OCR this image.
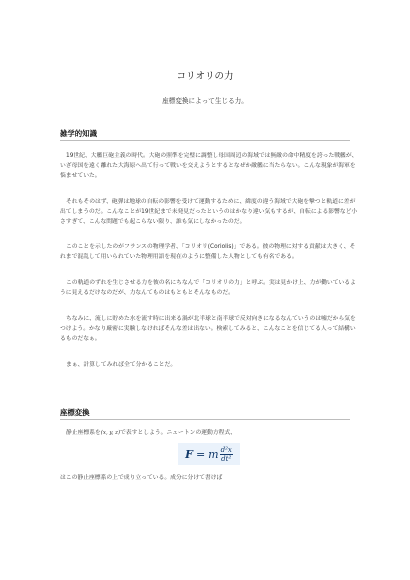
コリオリの力
座標変換によって生じる力。
雑学的知識
19世紀、大艦巨砲主義の時代。大砲の照準を完璧に調整し母国周辺の海域では無敵の命中精度を誇った戦艦が、いざ母国を遠く離れた大海原へ出て行って戦いを交えようとするとなぜか敵艦に当たらない。こんな現象が海軍を悩ませていた。
それもそのはず、砲弾は地球の自転の影響を受けて運動するために、緯度の違う海域で大砲を撃つと軌道に差が出てしまうのだ。こんなことが19世紀まで未発見だったというのはかなり違い気もするが、自転による影響など小さすぎて、こんな問題でも起こらない限り、誰も気にしなかったのだ。
このことを示したのがフランスの物理学者、「コリオリ(Coriolis)」である。彼の物理に対する貢献は大きく、それまで混乱して用いられていた物理用語を現在のように整備した人物としても有名である。
この軌道のずれを生じさせる力を彼の名にちなんで「コリオリの力」と呼ぶ。実は見かけ上、力が働いているように見えるだけなのだが、力なんてものはもともとそんなものだ。
ちなみに、流しに貯めた水を流す時に出来る渦が北半球と南半球で反対向きになるなんていうのは嘘だから気をつけよう。かなり厳密に実験しなければそんな差は出ない。検索してみると、こんなことを信じてる人って結構いるものだなぁ。
まぁ、計算してみれば全て分かることだ。
座標変換
静止座標系を(x, y, z)で表すとしよう。ニュートンの運動方程式、
F = m $\frac{\text{d²x}}{\text{dt²}}$
はこの静止座標系の上で成り立っている。成分に分けて書けば
